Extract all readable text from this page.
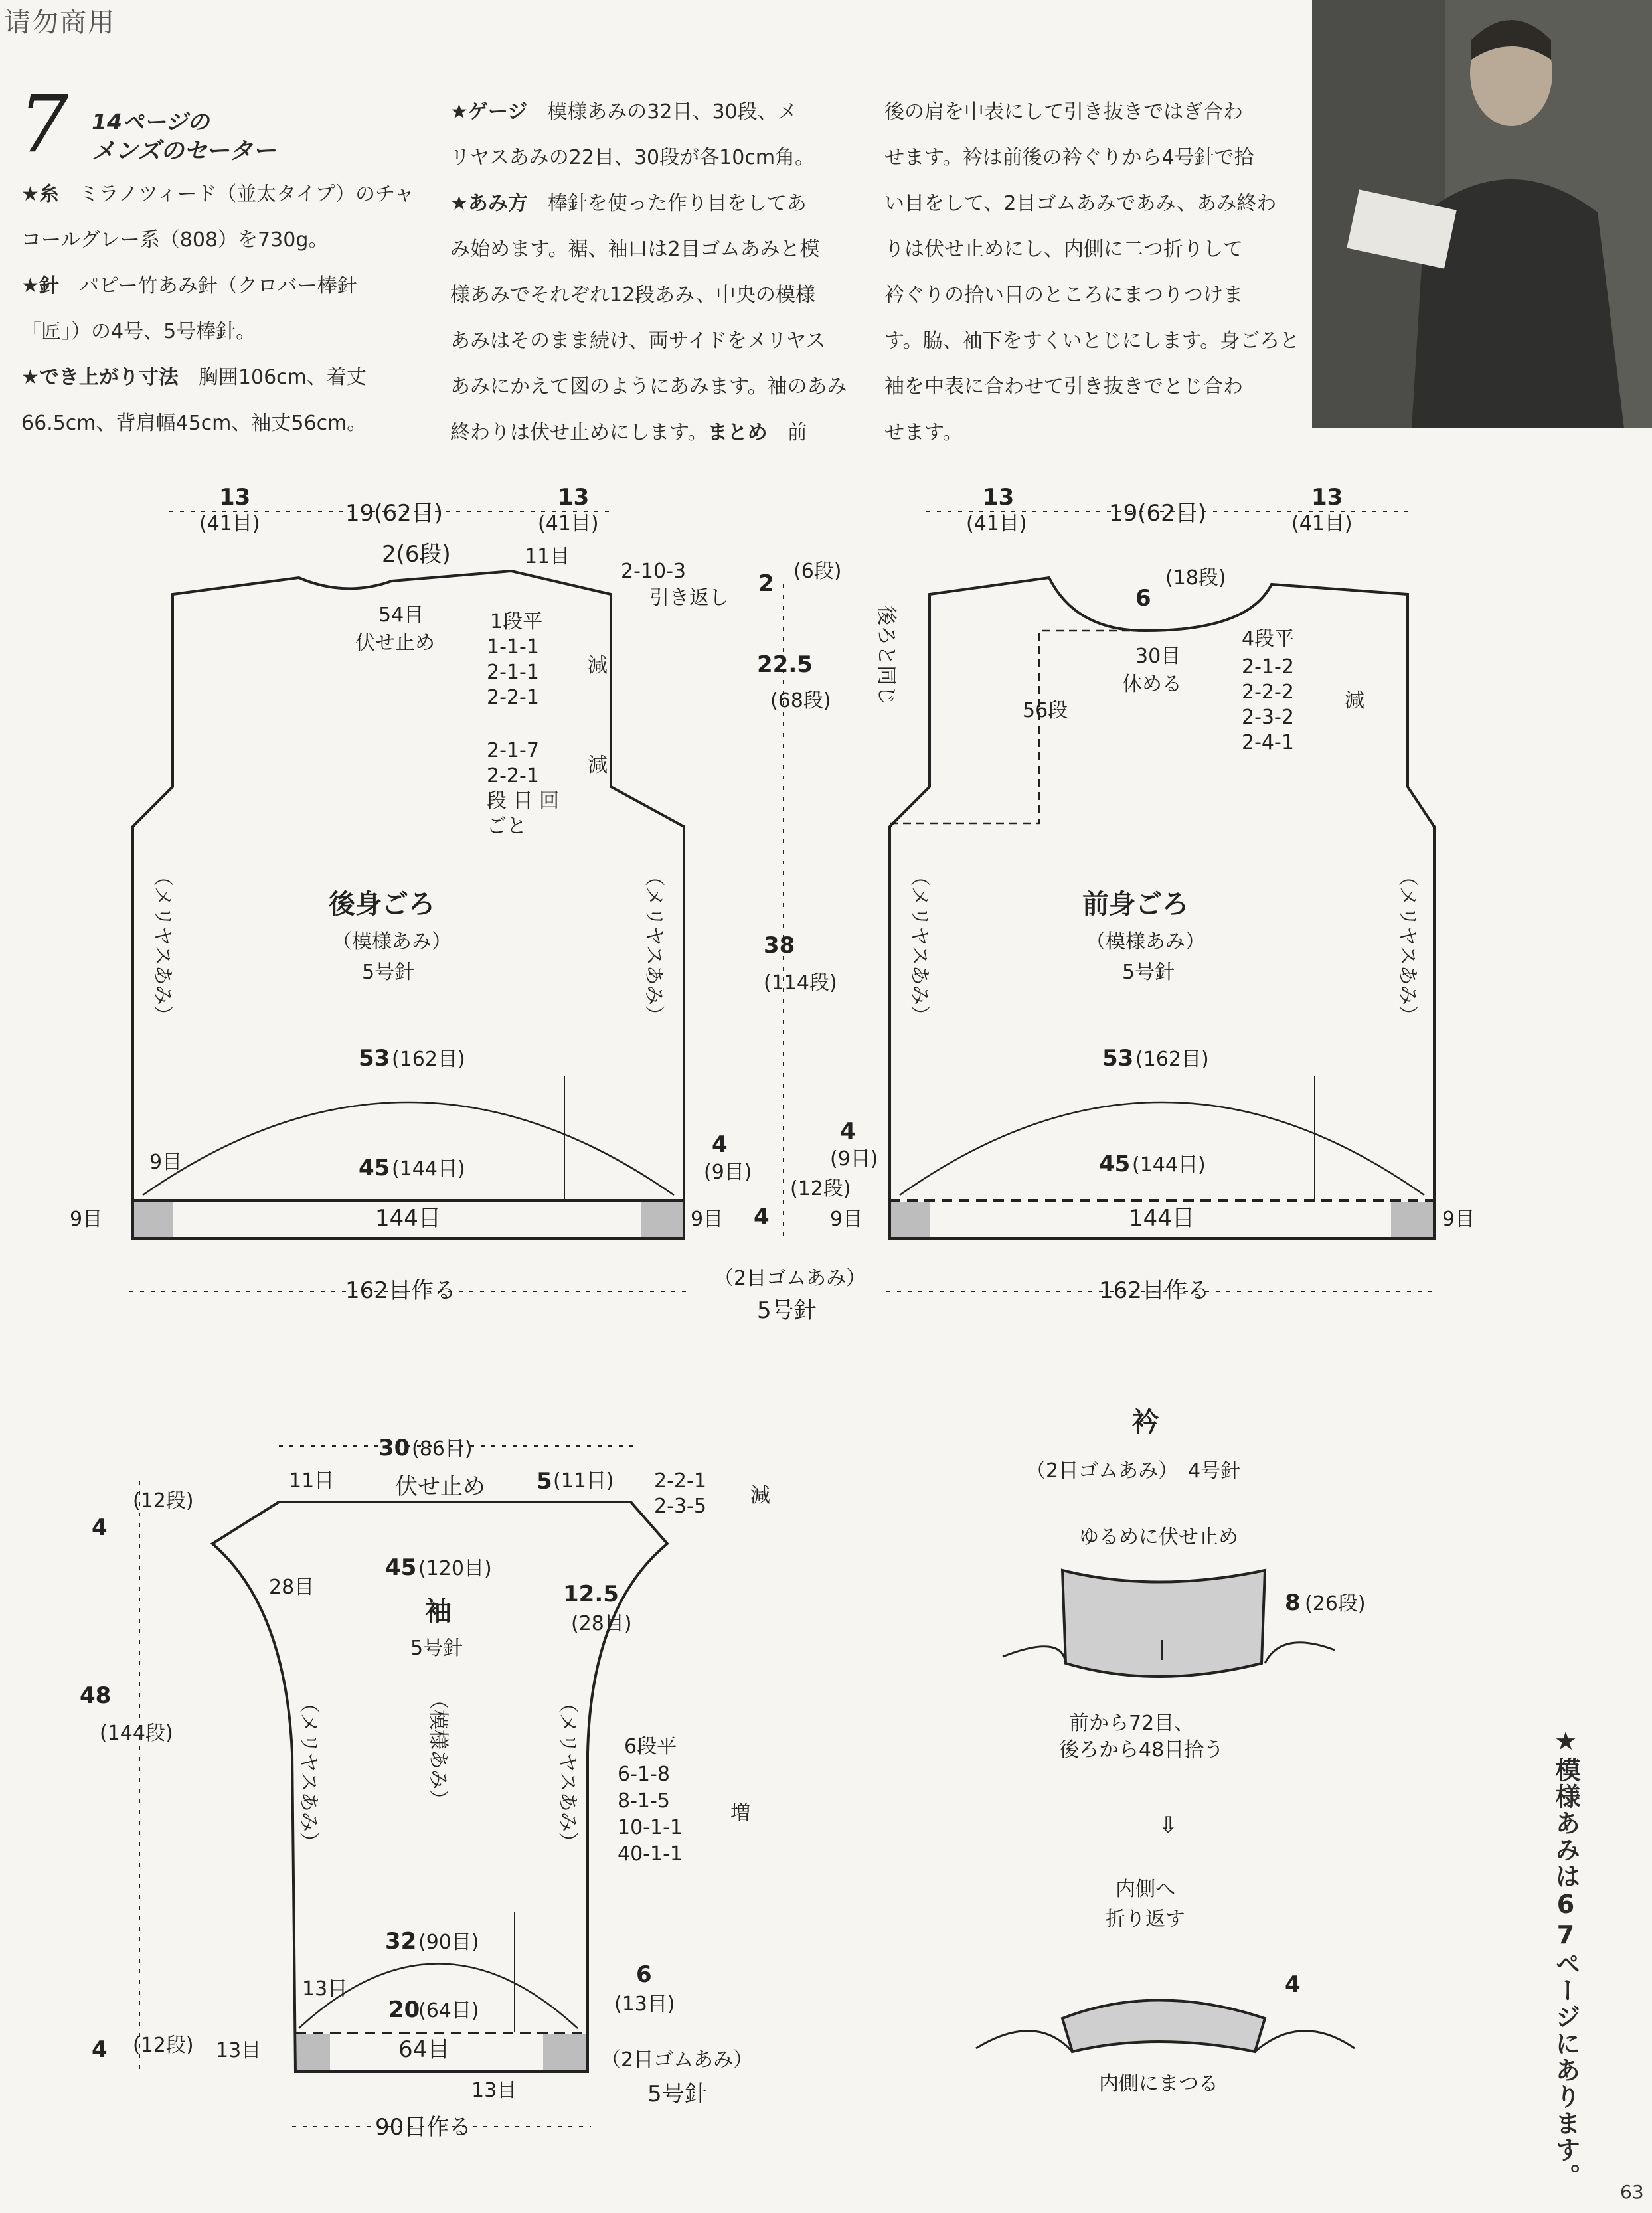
请勿商用
7 14ページの
メンズのセーター
★糸　ミラノツィード（並太タイプ）のチャ
コールグレー系（808）を730g。
★針　パピー竹あみ針（クロバー棒針
「匠」）の4号、5号棒針。
★でき上がり寸法　胸囲106cm、着丈
66.5cm、背肩幅45cm、袖丈56cm。
★ゲージ　模様あみの32目、30段、メ
リヤスあみの22目、30段が各10cm角。
★あみ方　棒針を使った作り目をしてあ
み始めます。裾、袖口は2目ゴムあみと模
様あみでそれぞれ12段あみ、中央の模様
あみはそのまま続け、両サイドをメリヤス
あみにかえて図のようにあみます。袖のあみ
終わりは伏せ止めにします。まとめ　前
後の肩を中表にして引き抜きではぎ合わ
せます。衿は前後の衿ぐりから4号針で拾
い目をして、2目ゴムあみであみ、あみ終わ
りは伏せ止めにし、内側に二つ折りして
衿ぐりの拾い目のところにまつりつけま
す。脇、袖下をすくいとじにします。身ごろと
袖を中表に合わせて引き抜きでとじ合わ
せます。
13
(41目)	19(62目)
13
(41目)
2(6段)	11目
2-10-3
引き返し
54目
伏せ止め
1段平
1-1-1
2-1-1
2-2-1
減
2-1-7
2-2-1
段 目 回
ごと
減
2 (6段)
22.5
(68段)
38
(114段)
4
(12段)
（メリヤスあみ）	（メリヤスあみ）
後身ごろ
（模様あみ）
5号針
53 (162目)
45 (144目)
144目
9目
9目
4
(9目)
9目
162目作る	（2目ゴムあみ）
5号針
13
(41目)	19(62目)
13
(41目)
後ろと同じ
6
(18段)
56段
30目
休める
4段平
2-1-2
2-2-2
2-3-2
2-4-1
減
（メリヤスあみ）	（メリヤスあみ）
前身ごろ
（模様あみ）
5号針
53 (162目)
45 (144目)
144目
4
(9目)
9目	9目
162目作る
30 (86目)
11目	伏せ止め 5 (11目) 2-2-1
2-3-5 減
4
(12段)
48
(144段)
4 (12段)
45 (120目)
28目	12.5
(28目)
袖
5号針
（メリヤスあみ）	（メリヤスあみ）
（模様あみ）	6段平
6-1-8
8-1-5
10-1-1
40-1-1
増
32 (90目)
20
(64目)
64目
13目
13目
6
(13目)
13目
90目作る
（2目ゴムあみ）
5号針
衿
（2目ゴムあみ）　4号針
ゆるめに伏せ止め
8 (26段)
前から72目、
後ろから48目拾う
⇩
内側へ
折り返す
4
内側にまつる	★模様あみは67ページにあります。
63
